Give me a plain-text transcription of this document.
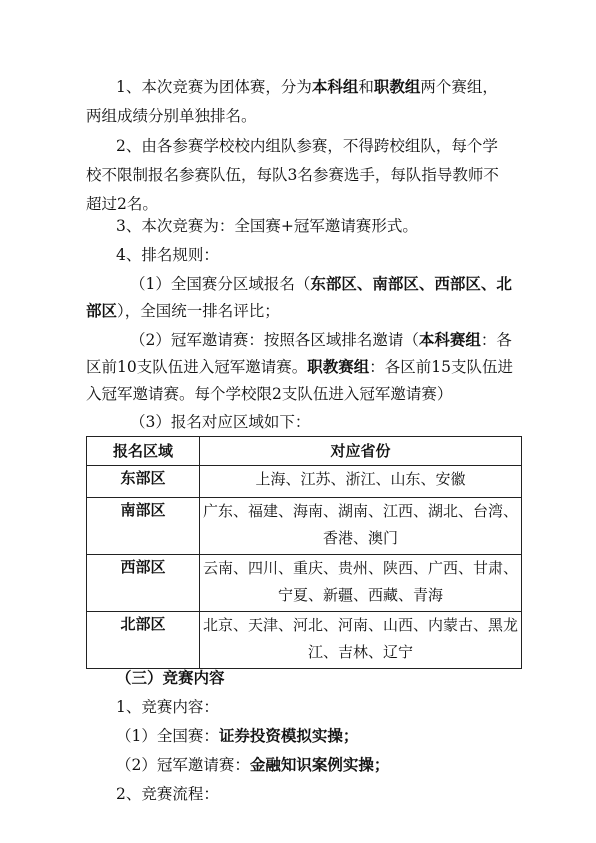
1、本次竞赛为团体赛，分为本科组和职教组两个赛组，
两组成绩分别单独排名。
2、由各参赛学校校内组队参赛，不得跨校组队，每个学
校不限制报名参赛队伍，每队3名参赛选手，每队指导教师不
超过2名。
3、本次竞赛为：全国赛+冠军邀请赛形式。
4、排名规则：
（1）全国赛分区域报名（东部区、南部区、西部区、北
部区），全国统一排名评比；
（2）冠军邀请赛：按照各区域排名邀请（本科赛组：各
区前10支队伍进入冠军邀请赛。职教赛组：各区前15支队伍进
入冠军邀请赛。每个学校限2支队伍进入冠军邀请赛）
（3）报名对应区域如下：
报名区域	对应省份
东部区	上海、江苏、浙江、山东、安徽
南部区	广东、福建、海南、湖南、江西、湖北、台湾、香港、澳门
西部区	云南、四川、重庆、贵州、陕西、广西、甘肃、宁夏、新疆、西藏、青海
北部区	北京、天津、河北、河南、山西、内蒙古、黑龙江、吉林、辽宁
（三）竞赛内容
1、竞赛内容：
（1）全国赛：证券投资模拟实操；
（2）冠军邀请赛：金融知识案例实操；
2、竞赛流程：
